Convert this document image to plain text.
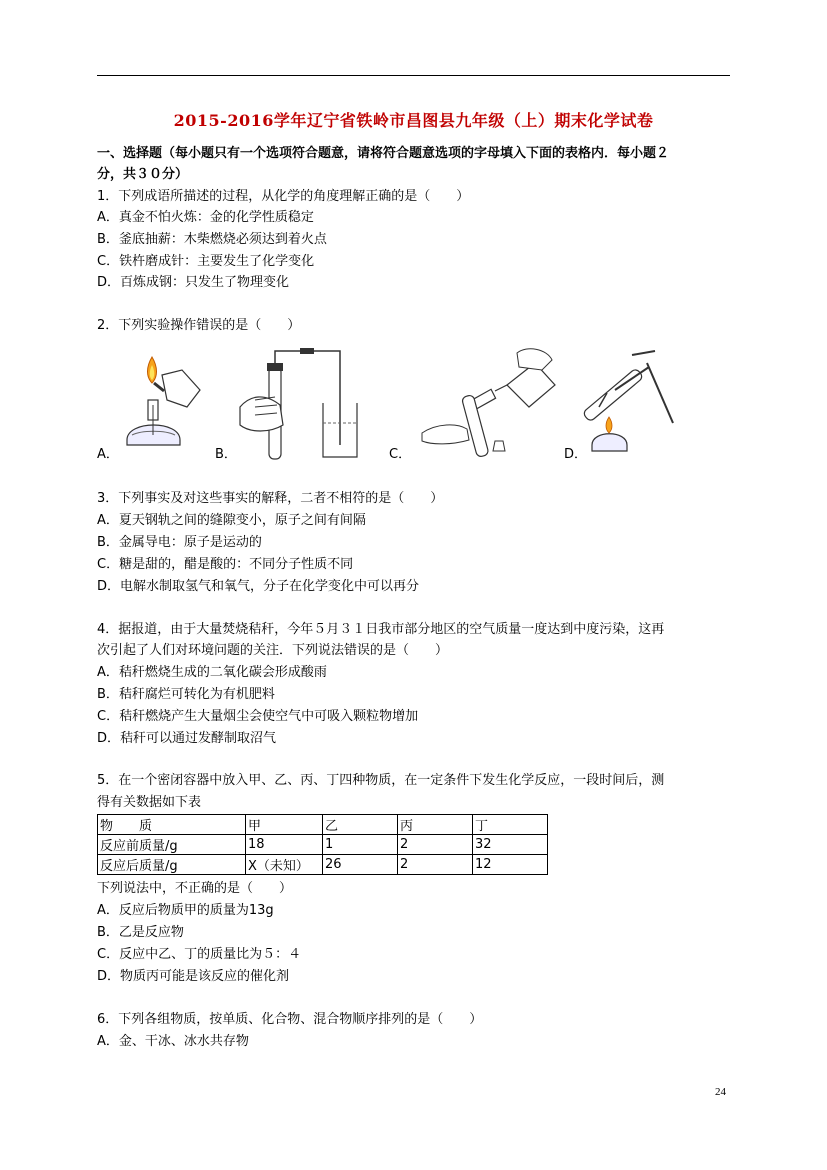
2015-2016学年辽宁省铁岭市昌图县九年级（上）期末化学试卷
一、选择题（每小题只有一个选项符合题意，请将符合题意选项的字母填入下面的表格内．每小题２
分，共３０分）
1．下列成语所描述的过程，从化学的角度理解正确的是（　　）
A．真金不怕火炼：金的化学性质稳定
B．釜底抽薪：木柴燃烧必须达到着火点
C．铁杵磨成针：主要发生了化学变化
D．百炼成钢：只发生了物理变化
2．下列实验操作错误的是（　　）
A．	B．	C．	D．
3．下列事实及对这些事实的解释，二者不相符的是（　　）
A．夏天钢轨之间的缝隙变小，原子之间有间隔
B．金属导电：原子是运动的
C．糖是甜的，醋是酸的：不同分子性质不同
D．电解水制取氢气和氧气，分子在化学变化中可以再分
4．据报道，由于大量焚烧秸秆，今年５月３１日我市部分地区的空气质量一度达到中度污染，这再
次引起了人们对环境问题的关注．下列说法错误的是（　　）
A．秸秆燃烧生成的二氧化碳会形成酸雨
B．秸秆腐烂可转化为有机肥料
C．秸秆燃烧产生大量烟尘会使空气中可吸入颗粒物增加
D．秸秆可以通过发酵制取沼气
5．在一个密闭容器中放入甲、乙、丙、丁四种物质，在一定条件下发生化学反应，一段时间后，测
得有关数据如下表
物　　质	甲	乙	丙	丁
反应前质量/g	18	1	2	32
反应后质量/g	X（未知）	26	2	12
下列说法中，不正确的是（　　）
A．反应后物质甲的质量为13g
B．乙是反应物
C．反应中乙、丁的质量比为５：４
D．物质丙可能是该反应的催化剂
6．下列各组物质，按单质、化合物、混合物顺序排列的是（　　）
A．金、干冰、冰水共存物
24
